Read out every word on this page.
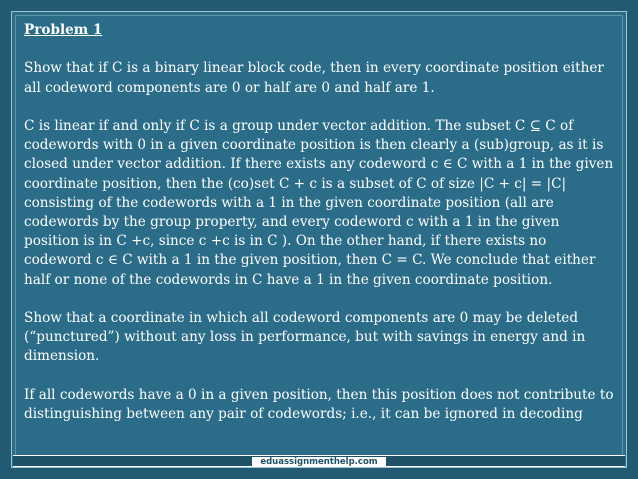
Problem 1

Show that if C is a binary linear block code, then in every coordinate position either all codeword components are 0 or half are 0 and half are 1.

C is linear if and only if C is a group under vector addition. The subset C ⊆ C of codewords with 0 in a given coordinate position is then clearly a (sub)group, as it is closed under vector addition. If there exists any codeword c ∈ C with a 1 in the given coordinate position, then the (co)set C + c is a subset of C of size |C + c| = |C| consisting of the codewords with a 1 in the given coordinate position (all are codewords by the group property, and every codeword c with a 1 in the given position is in C +c, since c +c is in C ). On the other hand, if there exists no codeword c ∈ C with a 1 in the given position, then C = C. We conclude that either half or none of the codewords in C have a 1 in the given coordinate position.

Show that a coordinate in which all codeword components are 0 may be deleted (“punctured”) without any loss in performance, but with savings in energy and in dimension.

If all codewords have a 0 in a given position, then this position does not contribute to distinguishing between any pair of codewords; i.e., it can be ignored in decoding

eduassignmenthelp.com
